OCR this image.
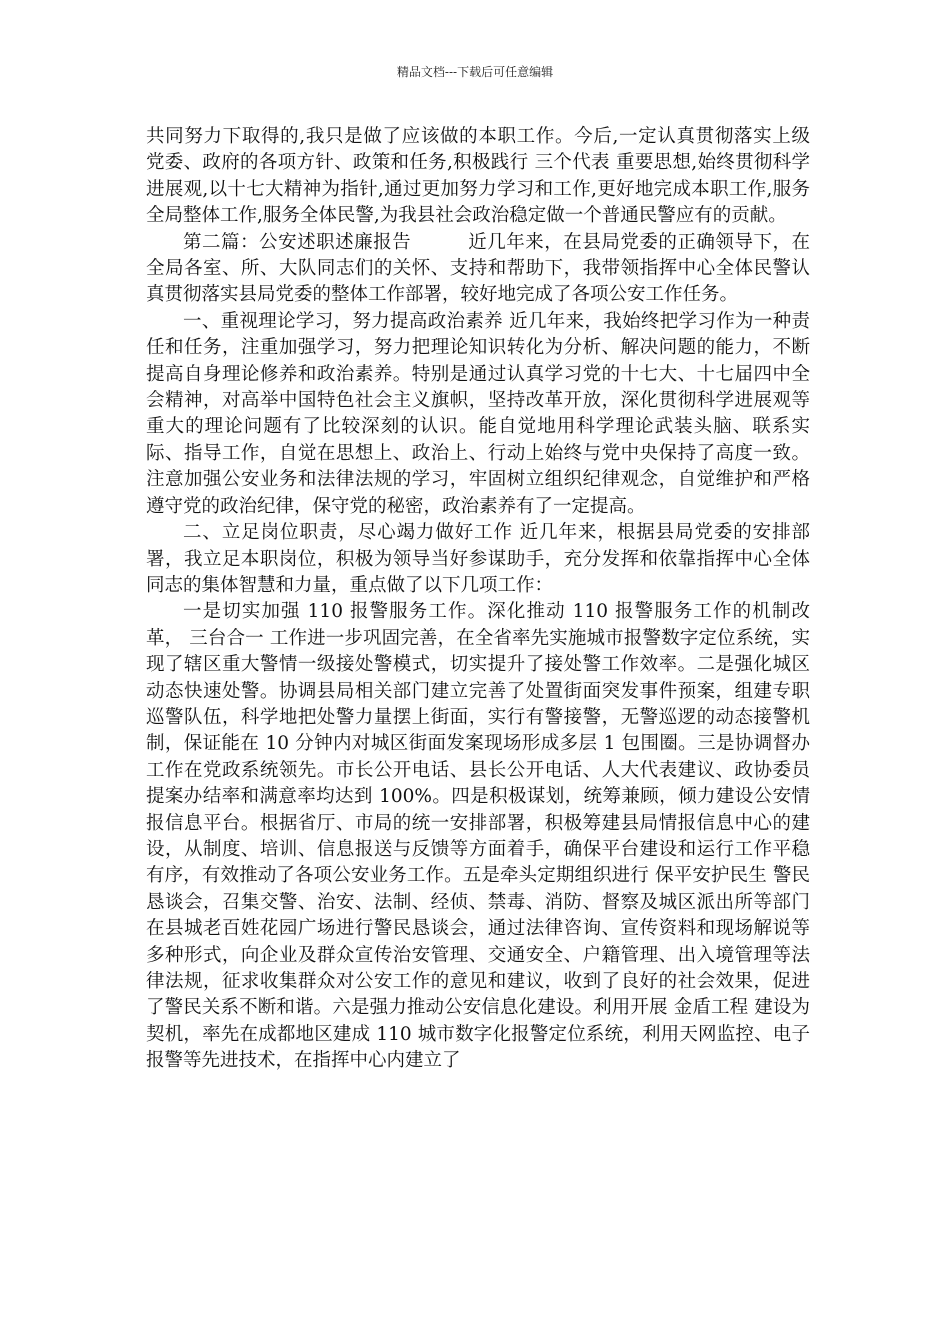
精品文档---下载后可任意编辑

共同努力下取得的,我只是做了应该做的本职工作。今后,一定认真贯彻落实上级 党委、政府的各项方针、政策和任务,积极践行 三个代表 重要思想,始终贯彻科学进展观,以十七大精神为指针,通过更加努力学习和工作,更好地完成本职工作,服务全局整体工作,服务全体民警,为我县社会政治稳定做一个普通民警应有的贡献。

第二篇：公安述职述廉报告　　　近几年来，在县局党委的正确领导下，在全局各室、所、大队同志们的关怀、支持和帮助下，我带领指挥中心全体民警认真贯彻落实县局党委的整体工作部署，较好地完成了各项公安工作任务。

一、重视理论学习，努力提高政治素养 近几年来，我始终把学习作为一种责任和任务，注重加强学习，努力把理论知识转化为分析、解决问题的能力，不断提高自身理论修养和政治素养。特别是通过认真学习党的十七大、十七届四中全会精神，对高举中国特色社会主义旗帜，坚持改革开放，深化贯彻科学进展观等重大的理论问题有了比较深刻的认识。能自觉地用科学理论武装头脑、联系实际、指导工作，自觉在思想上、政治上、行动上始终与党中央保持了高度一致。注意加强公安业务和法律法规的学习，牢固树立组织纪律观念，自觉维护和严格遵守党的政治纪律，保守党的秘密，政治素养有了一定提高。

二、立足岗位职责，尽心竭力做好工作 近几年来，根据县局党委的安排部署，我立足本职岗位，积极为领导当好参谋助手，充分发挥和依靠指挥中心全体同志的集体智慧和力量，重点做了以下几项工作：

一是切实加强 110 报警服务工作。深化推动 110 报警服务工作的机制改革， 三台合一 工作进一步巩固完善，在全省率先实施城市报警数字定位系统，实现了辖区重大警情一级接处警模式，切实提升了接处警工作效率。二是强化城区动态快速处警。协调县局相关部门建立完善了处置街面突发事件预案，组建专职巡警队伍，科学地把处警力量摆上街面，实行有警接警，无警巡逻的动态接警机制，保证能在 10 分钟内对城区街面发案现场形成多层 1 包围圈。三是协调督办工作在党政系统领先。市长公开电话、县长公开电话、人大代表建议、政协委员提案办结率和满意率均达到 100%。四是积极谋划，统筹兼顾，倾力建设公安情报信息平台。根据省厅、市局的统一安排部署，积极筹建县局情报信息中心的建设，从制度、培训、信息报送与反馈等方面着手，确保平台建设和运行工作平稳有序，有效推动了各项公安业务工作。五是牵头定期组织进行 保平安护民生 警民恳谈会，召集交警、治安、法制、经侦、禁毒、消防、督察及城区派出所等部门在县城老百姓花园广场进行警民恳谈会，通过法律咨询、宣传资料和现场解说等多种形式，向企业及群众宣传治安管理、交通安全、户籍管理、出入境管理等法律法规，征求收集群众对公安工作的意见和建议，收到了良好的社会效果，促进了警民关系不断和谐。六是强力推动公安信息化建设。利用开展 金盾工程 建设为契机，率先在成都地区建成 110 城市数字化报警定位系统，利用天网监控、电子报警等先进技术，在指挥中心内建立了
